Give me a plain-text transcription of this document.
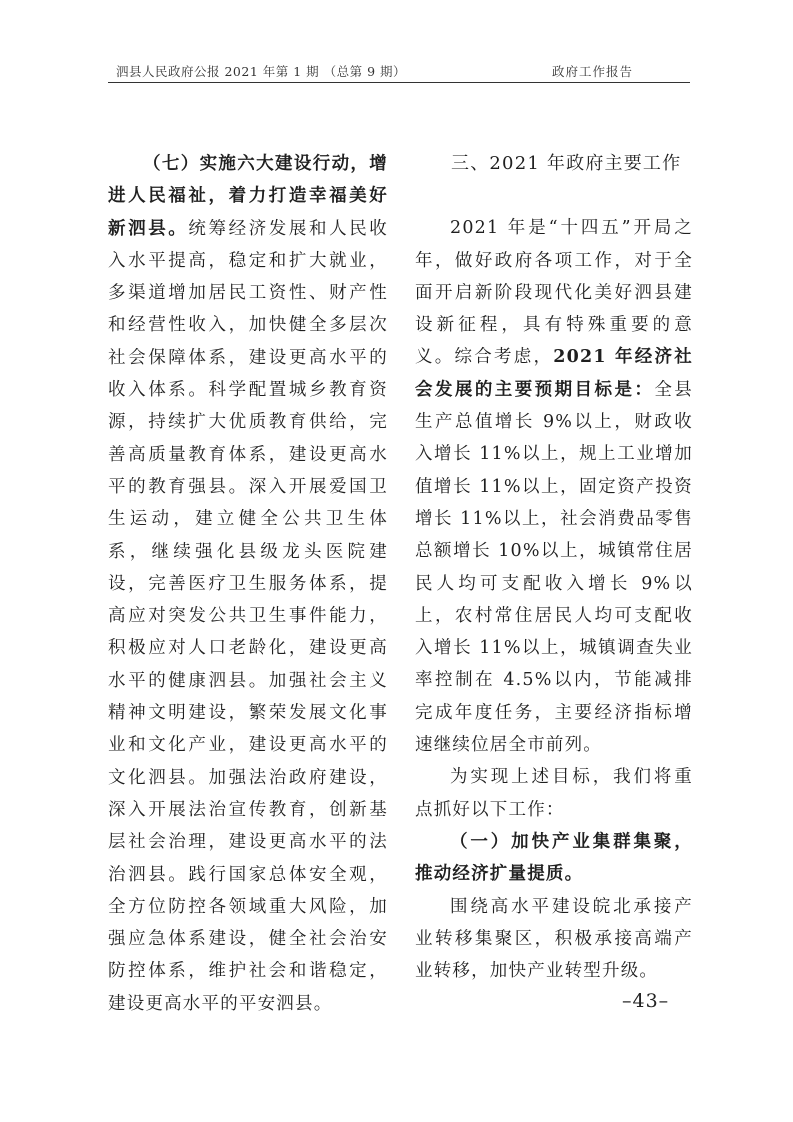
泗县人民政府公报 2021 年第 1 期 （总第 9 期）	政府工作报告

（七）实施六大建设行动，增进人民福祉，着力打造幸福美好新泗县。统筹经济发展和人民收入水平提高，稳定和扩大就业，多渠道增加居民工资性、财产性和经营性收入，加快健全多层次社会保障体系，建设更高水平的收入体系。科学配置城乡教育资源，持续扩大优质教育供给，完善高质量教育体系，建设更高水平的教育强县。深入开展爱国卫生运动，建立健全公共卫生体系，继续强化县级龙头医院建设，完善医疗卫生服务体系，提高应对突发公共卫生事件能力，积极应对人口老龄化，建设更高水平的健康泗县。加强社会主义精神文明建设，繁荣发展文化事业和文化产业，建设更高水平的文化泗县。加强法治政府建设，深入开展法治宣传教育，创新基层社会治理，建设更高水平的法治泗县。践行国家总体安全观，全方位防控各领域重大风险，加强应急体系建设，健全社会治安防控体系，维护社会和谐稳定，建设更高水平的平安泗县。

三、2021 年政府主要工作

2021 年是“十四五”开局之年，做好政府各项工作，对于全面开启新阶段现代化美好泗县建设新征程，具有特殊重要的意义。综合考虑，2021 年经济社会发展的主要预期目标是：全县生产总值增长 9%以上，财政收入增长 11%以上，规上工业增加值增长 11%以上，固定资产投资增长 11%以上，社会消费品零售总额增长 10%以上，城镇常住居民人均可支配收入增长 9%以上，农村常住居民人均可支配收入增长 11%以上，城镇调查失业率控制在 4.5%以内，节能减排完成年度任务，主要经济指标增速继续位居全市前列。

为实现上述目标，我们将重点抓好以下工作：

（一）加快产业集群集聚，推动经济扩量提质。

围绕高水平建设皖北承接产业转移集聚区，积极承接高端产业转移，加快产业转型升级。

–43–
